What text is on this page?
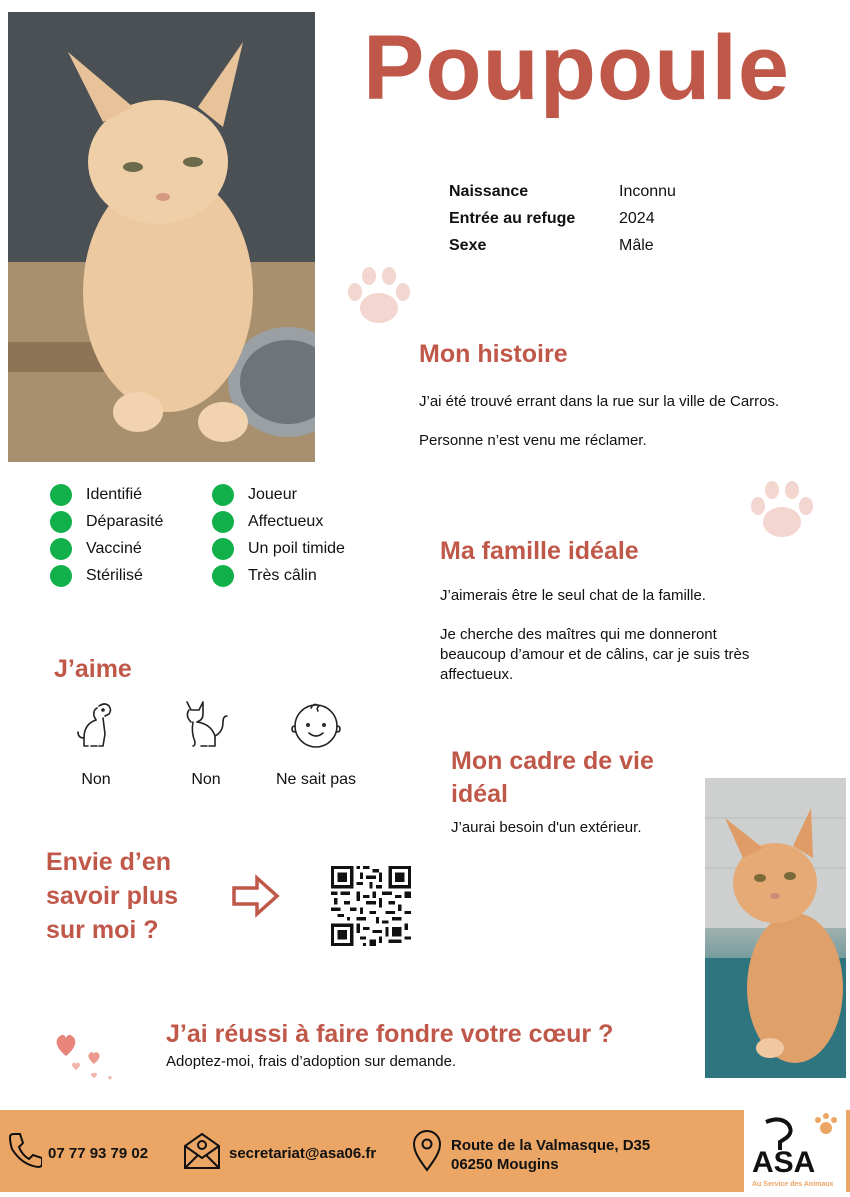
Poupoule
Naissance	Inconnu
Entrée au refuge	2024
Sexe	Mâle
Mon histoire

J’ai été trouvé errant dans la rue sur la ville de Carros.

Personne n’est venu me réclamer.

Identifié
Déparasité
Vacciné
Stérilisé
Joueur
Affectueux
Un poil timide
Très câlin
Ma famille idéale

J’aimerais être le seul chat de la famille.

Je cherche des maîtres qui me donneront beaucoup d’amour et de câlins, car je suis très affectueux.

J’aime
Non	Non	Ne sait pas
Mon cadre de vie
idéal

J’aurai besoin d'un extérieur.

Envie d’en
savoir plus
sur moi ?
J’ai réussi à faire fondre votre cœur ?

Adoptez-moi, frais d’adoption sur demande.

07 77 93 79 02	secretariat@asa06.fr	Route de la Valmasque, D35
06250 Mougins	ASA
Au Service des Animaux
